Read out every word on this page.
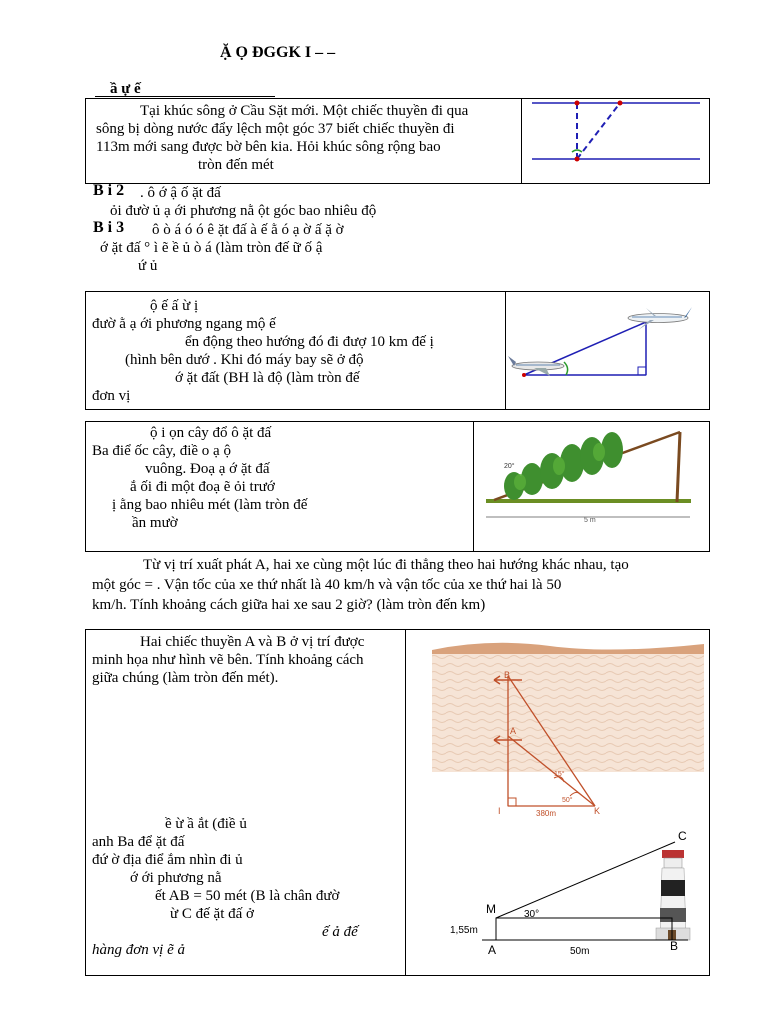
Ặ Ọ ĐGGK I – –
ầ ự ế
Tại khúc sông ở Cầu Sặt mới. Một chiếc thuyền đi qua
sông bị dòng nước đẩy lệch một góc 37 biết chiếc thuyền đi
113m mới sang được bờ bên kia. Hỏi khúc sông rộng bao
tròn đến mét
B i 2 . ô ớ ậ ố ặt đấ
ỏi đườ ủ ạ ới phương nằ ột góc bao nhiêu độ
B i 3 ô ò á ó ó ê ặt đấ à ế ằ ó ạ ờ ấ ặ ờ
ớ ặt đấ ° ì ẽ ề ủ ò á (làm tròn đế ữ ố ậ
ứ ủ
ộ ế ấ ừ ị
đườ ằ ạ ới phương ngang mộ ế
ển động theo hướng đó đi đượ 10 km đế ị
(hình bên dướ . Khi đó máy bay sẽ ở độ
ớ ặt đất (BH là độ (làm tròn đế
đơn vị
ộ i ọn cây đổ ô ặt đấ
Ba điể ốc cây, điề o ạ ộ
vuông. Đoạ ạ ớ ặt đấ
ắ ối đi một đoạ ẽ ỏi trướ
ị ằng bao nhiêu mét (làm tròn đế
ần mườ
20°
5 m
Từ vị trí xuất phát A, hai xe cùng một lúc đi thẳng theo hai hướng khác nhau, tạo
một góc = . Vận tốc của xe thứ nhất là 40 km/h và vận tốc của xe thứ hai là 50
km/h. Tính khoảng cách giữa hai xe sau 2 giờ? (làm tròn đến km)
Hai chiếc thuyền A và B ở vị trí được
minh họa như hình vẽ bên. Tính khoảng cách
giữa chúng (làm tròn đến mét).
ề ừ ầ ắt (điề ủ
anh Ba để ặt đấ
đứ ờ địa điể ắm nhìn đi ủ
ớ ới phương nằ
ết AB = 50 mét (B là chân đườ
ừ C đế ặt đấ ở
ế ả đế
hàng đơn vị ẽ ả
B
A
I	K
15°
50°
380m
C
M	30°
1,55m
A	50m	B
